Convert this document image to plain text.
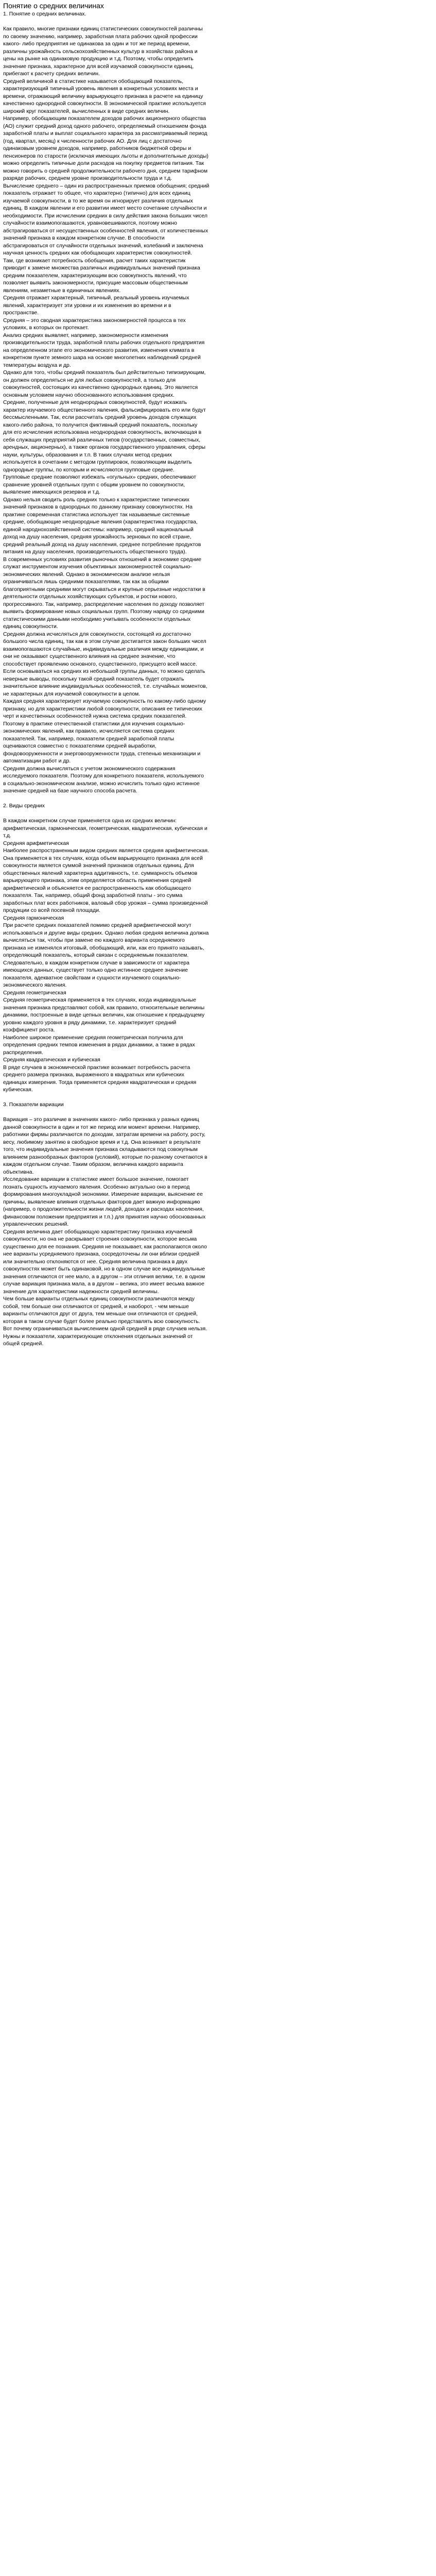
Понятие о средних величинах

1. Понятие о средних величинах.

Как правило, многие признаки единиц статистических совокупностей различны
по своему значению, например, заработная плата рабочих одной профессии
какого- либо предприятия не одинакова за один и тот же период времени,
различны урожайность сельскохозяйственных культур в хозяйствах района и
цены на рынке на одинаковую продукцию и т.д. Поэтому, чтобы определить
значение признака, характерное для всей изучаемой совокупности единиц,
прибегают к расчету средних величин.
Средней величиной в статистике называется обобщающий показатель,
характеризующий типичный уровень явления в конкретных условиях места и
времени, отражающий величину варьирующего признака в расчете на единицу
качественно однородной совокупности. В экономической практике используется
широкий круг показателей, вычисленных в виде средних величин.
Например, обобщающим показателем доходов рабочих акционерного общества
(АО) служит средний доход одного рабочего, определяемый отношением фонда
заработной платы и выплат социального характера за рассматриваемый период
(год, квартал, месяц) к численности рабочих АО. Для лиц с достаточно
одинаковым уровнем доходов, например, работников бюджетной сферы и
пенсионеров по старости (исключая имеющих льготы и дополнительные доходы)
можно определить типичные доли расходов на покупку предметов питания. Так
можно говорить о средней продолжительности рабочего дня, среднем тарифном
разряде рабочих, среднем уровне производительности труда и т.д.
Вычисление среднего – один из распространенных приемов обобщения; средний
показатель отражает то общее, что характерно (типично) для всех единиц
изучаемой совокупности, в то же время он игнорирует различия отдельных
единиц. В каждом явлении и его развитии имеет место сочетание случайности и
необходимости. При исчислении средних в силу действия закона больших чисел
случайности взаимопогашаются, уравновешиваются, поэтому можно
абстрагироваться от несущественных особенностей явления, от количественных
значений признака в каждом конкретном случае. В способности
абстрагироваться от случайности отдельных значений, колебаний и заключена
научная ценность средних как обобщающих характеристик совокупностей.
Там, где возникает потребность обобщения, расчет таких характеристик
приводит к замене множества различных индивидуальных значений признака
средним показателем, характеризующим всю совокупность явлений, что
позволяет выявить закономерности, присущие массовым общественным
явлениям, незаметные в единичных явлениях.
Средняя отражает характерный, типичный, реальный уровень изучаемых
явлений, характеризует эти уровни и их изменения во времени и в
пространстве.
Средняя – это сводная характеристика закономерностей процесса в тех
условиях, в которых он протекает.
Анализ средних выявляет, например, закономерности изменения
производительности труда, заработной платы рабочих отдельного предприятия
на определенном этапе его экономического развития, изменения климата в
конкретном пункте земного шара на основе многолетних наблюдений средней
температуры воздуха и др.
Однако для того, чтобы средний показатель был действительно типизирующим,
он должен определяться не для любых совокупностей, а только для
совокупностей, состоящих из качественно однородных единиц. Это является
основным условием научно обоснованного использования средних.
Средние, полученные для неоднородных совокупностей, будут искажать
характер изучаемого общественного явления, фальсифицировать его или будут
бессмысленными. Так, если рассчитать средний уровень доходов служащих
какого-либо района, то получится фиктивный средний показатель, поскольку
для его исчисления использована неоднородная совокупность, включающая в
себя служащих предприятий различных типов (государственных, совместных,
арендных, акционерных), а также органов государственного управления, сферы
науки, культуры, образования и т.п. В таких случаях метод средних
используется в сочетании с методом группировок, позволяющим выделить
однородные группы, по которым и исчисляются групповые средние.
Групповые средние позволяют избежать «огульных» средних, обеспечивают
сравнение уровней отдельных групп с общим уровнем по совокупности,
выявление имеющихся резервов и т.д.
Однако нельзя сводить роль средних только к характеристике типических
значений признаков в однородных по данному признаку совокупностях. На
практике современная статистика использует так называемые системные
средние, обобщающие неоднородные явления (характеристика государства,
единой народнохозяйственной системы: например, средний национальный
доход на душу населения, средняя урожайность зерновых по всей стране,
средний реальный доход на душу населения, среднее потребление продуктов
питания на душу населения, производительность общественного труда).
В современных условиях развития рыночных отношений в экономике средние
служат инструментом изучения объективных закономерностей социально-
экономических явлений. Однако в экономическом анализе нельзя
ограничиваться лишь средними показателями, так как за общими
благоприятными средними могут скрываться и крупные серьезные недостатки в
деятельности отдельных хозяйствующих субъектов, и ростки нового,
прогрессивного. Так, например, распределение населения по доходу позволяет
выявить формирование новых социальных групп. Поэтому наряду со средними
статистическими данными необходимо учитывать особенности отдельных
единиц совокупности.
Средняя должна исчисляться для совокупности, состоящей из достаточно
большого числа единиц, так как в этом случае достигается закон больших чисел
взаимопогашаются случайные, индивидуальные различия между единицами, и
они не оказывают существенного влияния на среднее значение, что
способствует проявлению основного, существенного, присущего всей массе.
Если основываться на средних из небольшой группы данных, то можно сделать
неверные выводы, поскольку такой средний показатель будет отражать
значительное влияние индивидуальных особенностей, т.е. случайных моментов,
не характерных для изучаемой совокупности в целом.
Каждая средняя характеризует изучаемую совокупность по какому-либо одному
признаку, но для характеристики любой совокупности, описания ее типических
черт и качественных особенностей нужна система средних показателей.
Поэтому в практике отечественной статистики для изучения социально-
экономических явлений, как правило, исчисляется система средних
показателей. Так, например, показатели средней заработной платы
оцениваются совместно с показателями средней выработки,
фондовооруженности и энерговооруженности труда, степенью механизации и
автоматизации работ и др.
Средняя должна вычисляться с учетом экономического содержания
исследуемого показателя. Поэтому для конкретного показателя, используемого
в социально-экономическом анализе, можно исчислить только одно истинное
значение средней на базе научного способа расчета.

2. Виды средних

В каждом конкретном случае применяется одна их средних величин:
арифметическая, гармоническая, геометрическая, квадратическая, кубическая и
т.д.
Средняя арифметическая
Наиболее распространенным видом средних является средняя арифметическая.
Она применяется в тех случаях, когда объем варьирующего признака для всей
совокупности является суммой значений признаков отдельных единиц. Для
общественных явлений характерна аддитивность, т.е. суммарность объемов
варьирующего признака, этим определяется область применения средней
арифметической и объясняется ее распространенность как обобщающего
показателя. Так, например, общий фонд заработной платы - это сумма
заработных плат всех работников, валовый сбор урожая – сумма произведенной
продукции со всей посевной площади.
Средняя гармоническая
При расчете средних показателей помимо средней арифметической могут
использоваться и другие виды средних. Однако любая средняя величина должна
вычисляться так, чтобы при замене ею каждого варианта осредняемого
признака не изменялся итоговый, обобщающий, или, как его принято называть,
определяющий показатель, который связан с осредняемым показателем.
Следовательно, в каждом конкретном случае в зависимости от характера
имеющихся данных, существует только одно истинное среднее значение
показателя, адекватное свойствам и сущности изучаемого социально-
экономического явления.
Средняя геометрическая
Средняя геометрическая применяется в тех случаях, когда индивидуальные
значения признака представляют собой, как правило, относительные величины
динамики, построенные в виде цепных величин, как отношение к предыдущему
уровню каждого уровня в ряду динамики, т.е. характеризует средний
коэффициент роста.
Наиболее широкое применение средняя геометрическая получила для
определения средних темпов изменения в рядах динамики, а также в рядах
распределения.
Средняя квадратическая и кубическая
В ряде случаев в экономической практике возникает потребность расчета
среднего размера признака, выраженного в квадратных или кубических
единицах измерения. Тогда применяется средняя квадратическая и средняя
кубическая.

3. Показатели вариации

Вариация – это различие в значениях какого- либо признака у разных единиц
данной совокупности в один и тот же период или момент времени. Например,
работники фирмы различаются по доходам, затратам времени на работу, росту,
весу, любимому занятию в свободное время и т.д. Она возникает в результате
того, что индивидуальные значения признака складываются под совокупным
влиянием разнообразных факторов (условий), которые по-разному сочетаются в
каждом отдельном случае. Таким образом, величина каждого варианта
объективна.
Исследование вариации в статистике имеет большое значение, помогает
познать сущность изучаемого явления. Особенно актуально оно в период
формирования многоукладной экономики. Измерение вариации, выяснение ее
причины, выявление влияния отдельных факторов дает важную информацию
(например, о продолжительности жизни людей, доходах и расходах населения,
финансовом положении предприятия и т.п.) для принятия научно обоснованных
управленческих решений.
Средняя величина дает обобщающую характеристику признака изучаемой
совокупности, но она не раскрывает строения совокупности, которое весьма
существенно для ее познания. Средняя не показывает, как располагаются около
нее варианты усредняемого признака, сосредоточены ли они вблизи средней
или значительно отклоняются от нее. Средняя величина признака в двух
совокупностях может быть одинаковой, но в одном случае все индивидуальные
значения отличаются от нее мало, а в другом – эти отличия велики, т.е. в одном
случае вариация признака мала, а в другом – велика, это имеет весьма важное
значение для характеристики надежности средней величины.
Чем больше варианты отдельных единиц совокупности различаются между
собой, тем больше они отличаются от средней, и наоборот, - чем меньше
варианты отличаются друг от друга, тем меньше они отличаются от средней,
которая в таком случае будет более реально представлять всю совокупность.
Вот почему ограничиваться вычислением одной средней в ряде случаев нельзя.
Нужны и показатели, характеризующие отклонения отдельных значений от
общей средней.
